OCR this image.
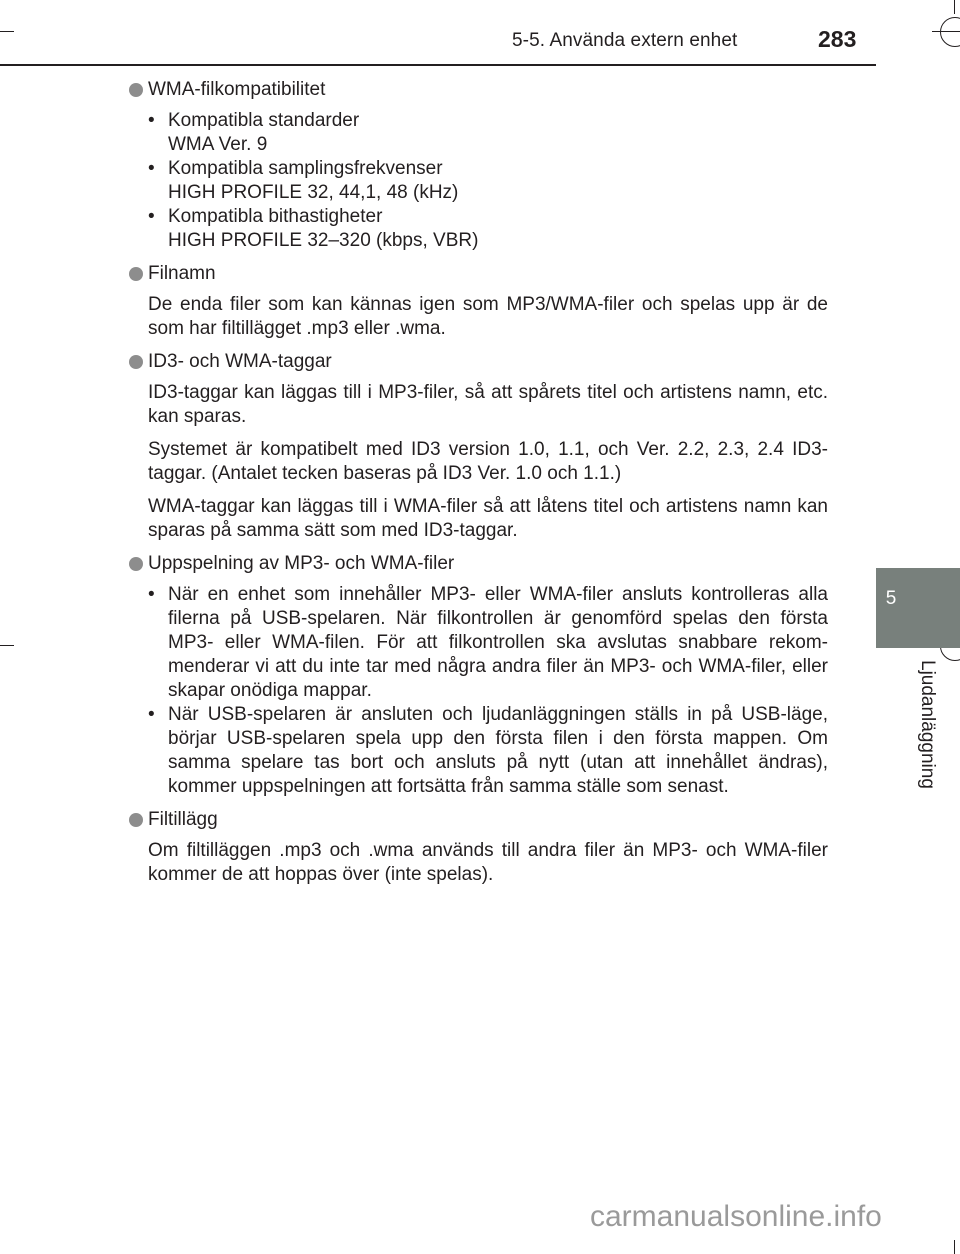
5-5. Använda extern enhet	283
5
Ljudanläggning
WMA-filkompatibilitet
• Kompatibla standarder
WMA Ver. 9
• Kompatibla samplingsfrekvenser
HIGH PROFILE 32, 44,1, 48 (kHz)
• Kompatibla bithastigheter
HIGH PROFILE 32–320 (kbps, VBR)
Filnamn

De enda filer som kan kännas igen som MP3/WMA-filer och spelas upp är de som har filtillägget .mp3 eller .wma.

ID3- och WMA-taggar

ID3-taggar kan läggas till i MP3-filer, så att spårets titel och artistens namn, etc. kan sparas.

Systemet är kompatibelt med ID3 version 1.0, 1.1, och Ver. 2.2, 2.3, 2.4 ID3-taggar. (Antalet tecken baseras på ID3 Ver. 1.0 och 1.1.)

WMA-taggar kan läggas till i WMA-filer så att låtens titel och artistens namn kan sparas på samma sätt som med ID3-taggar.

Uppspelning av MP3- och WMA-filer
• När en enhet som innehåller MP3- eller WMA-filer ansluts kontrolleras alla filerna på USB-spelaren. När filkontrollen är genomförd spelas den första MP3- eller WMA-filen. För att filkontrollen ska avslutas snabbare rekom-menderar vi att du inte tar med några andra filer än MP3- och WMA-filer, eller skapar onödiga mappar.
• När USB-spelaren är ansluten och ljudanläggningen ställs in på USB-läge, börjar USB-spelaren spela upp den första filen i den första mappen. Om samma spelare tas bort och ansluts på nytt (utan att innehållet ändras), kommer uppspelningen att fortsätta från samma ställe som senast.
Filtillägg

Om filtilläggen .mp3 och .wma används till andra filer än MP3- och WMA-filer kommer de att hoppas över (inte spelas).

carmanualsonline.info
